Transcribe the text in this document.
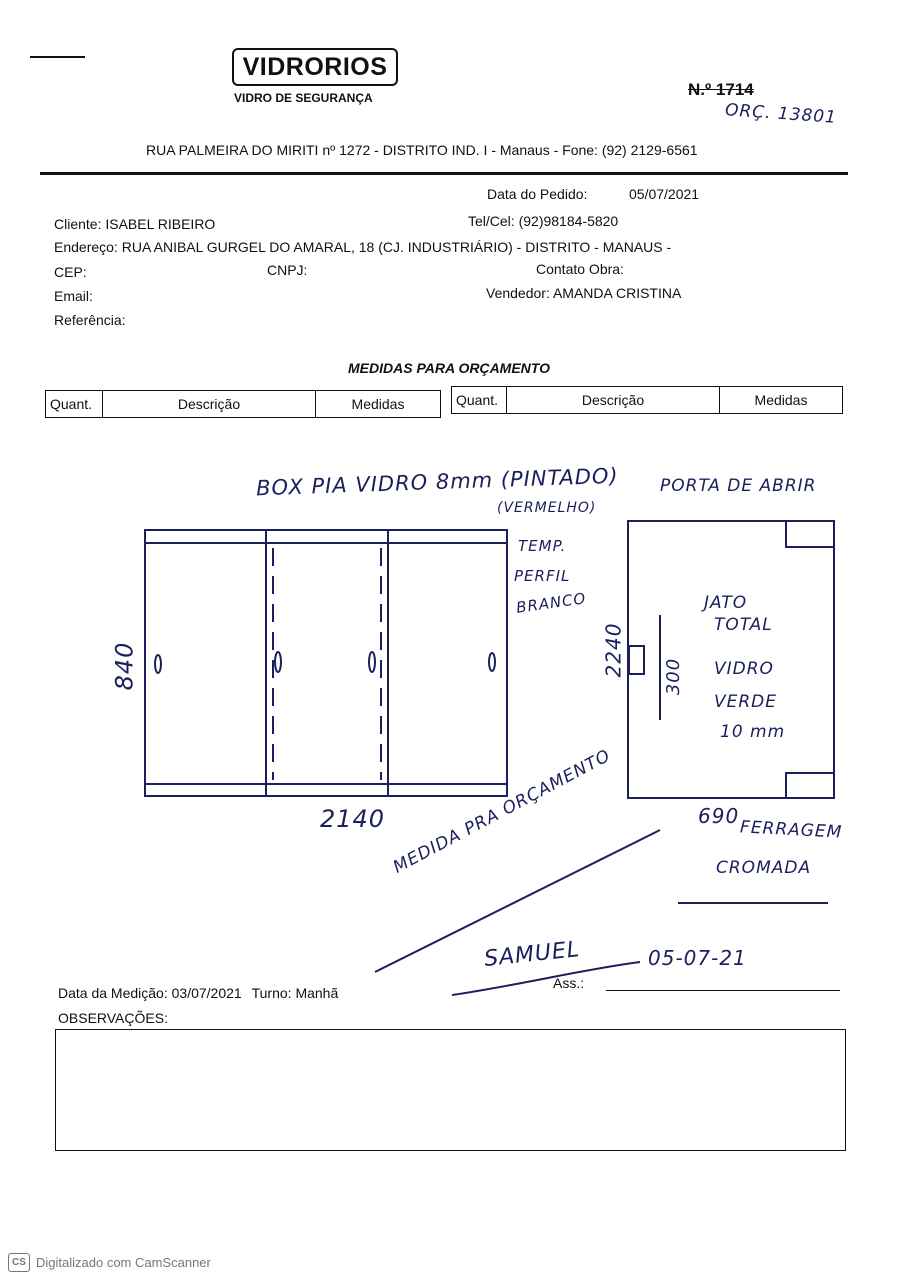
VIDRORIOS
VIDRO DE SEGURANÇA	N.º 1714
ORÇ. 13801
RUA PALMEIRA DO MIRITI nº 1272 - DISTRITO IND. I - Manaus - Fone: (92) 2129-6561
Data do Pedido:	05/07/2021
Cliente: ISABEL RIBEIRO	Tel/Cel: (92)98184-5820
Endereço: RUA ANIBAL GURGEL DO AMARAL, 18 (CJ. INDUSTRIÁRIO) - DISTRITO - MANAUS -
CEP:	CNPJ:	Contato Obra:
Email:	Vendedor: AMANDA CRISTINA
Referência:
MEDIDAS PARA ORÇAMENTO
Quant.	Descrição	Medidas	Quant.	Descrição	Medidas
BOX PIA VIDRO 8mm (PINTADO)
(VERMELHO)
TEMP.
PERFIL
BRANCO
840
2140
PORTA DE ABRIR
2240 300
JATO
TOTAL
VIDRO
VERDE
10 mm
690
FERRAGEM
CROMADA
MEDIDA PRA ORÇAMENTO
SAMUEL	05-07-21
Data da Medição: 03/07/2021 Turno: Manhã
Ass.:
OBSERVAÇÕES:
CS Digitalizado com CamScanner
